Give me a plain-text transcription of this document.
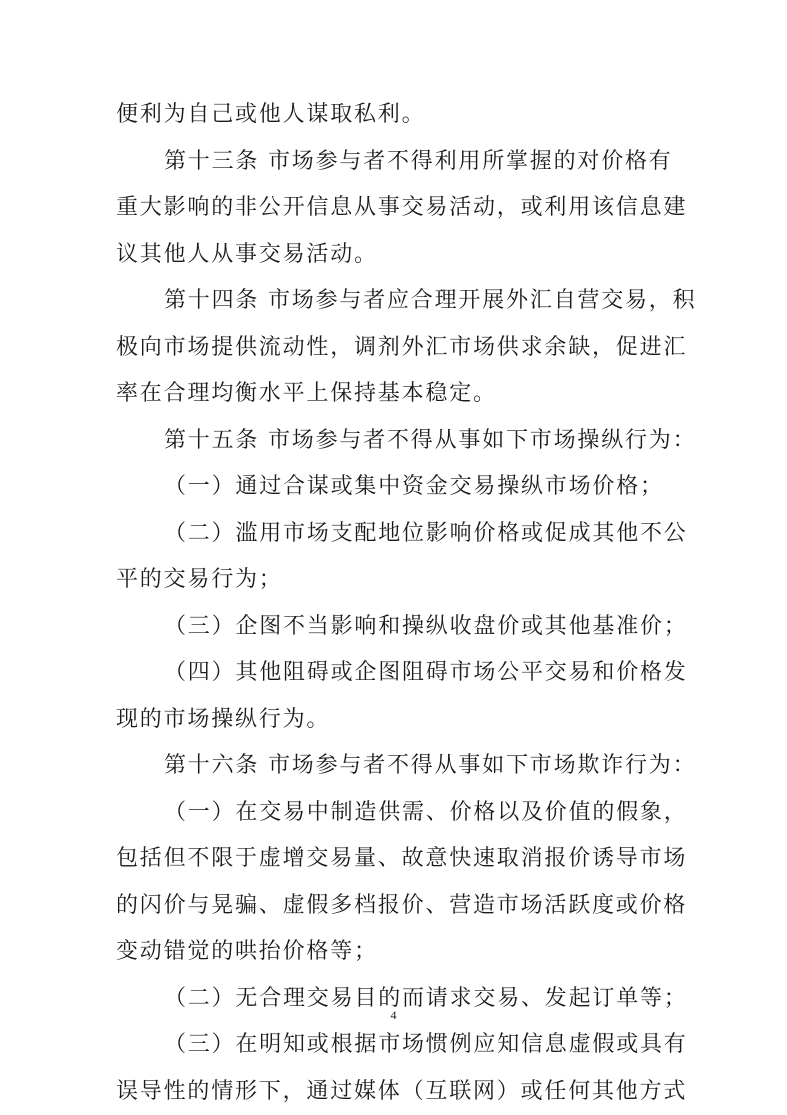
便利为自己或他人谋取私利。
第十三条 市场参与者不得利用所掌握的对价格有
重大影响的非公开信息从事交易活动，或利用该信息建
议其他人从事交易活动。
第十四条 市场参与者应合理开展外汇自营交易，积
极向市场提供流动性，调剂外汇市场供求余缺，促进汇
率在合理均衡水平上保持基本稳定。
第十五条 市场参与者不得从事如下市场操纵行为：
（一）通过合谋或集中资金交易操纵市场价格；
（二）滥用市场支配地位影响价格或促成其他不公
平的交易行为；
（三）企图不当影响和操纵收盘价或其他基准价；
（四）其他阻碍或企图阻碍市场公平交易和价格发
现的市场操纵行为。
第十六条 市场参与者不得从事如下市场欺诈行为：
（一）在交易中制造供需、价格以及价值的假象，
包括但不限于虚增交易量、故意快速取消报价诱导市场
的闪价与晃骗、虚假多档报价、营造市场活跃度或价格
变动错觉的哄抬价格等；
（二）无合理交易目的而请求交易、发起订单等；
（三）在明知或根据市场惯例应知信息虚假或具有
误导性的情形下，通过媒体（互联网）或任何其他方式
4
